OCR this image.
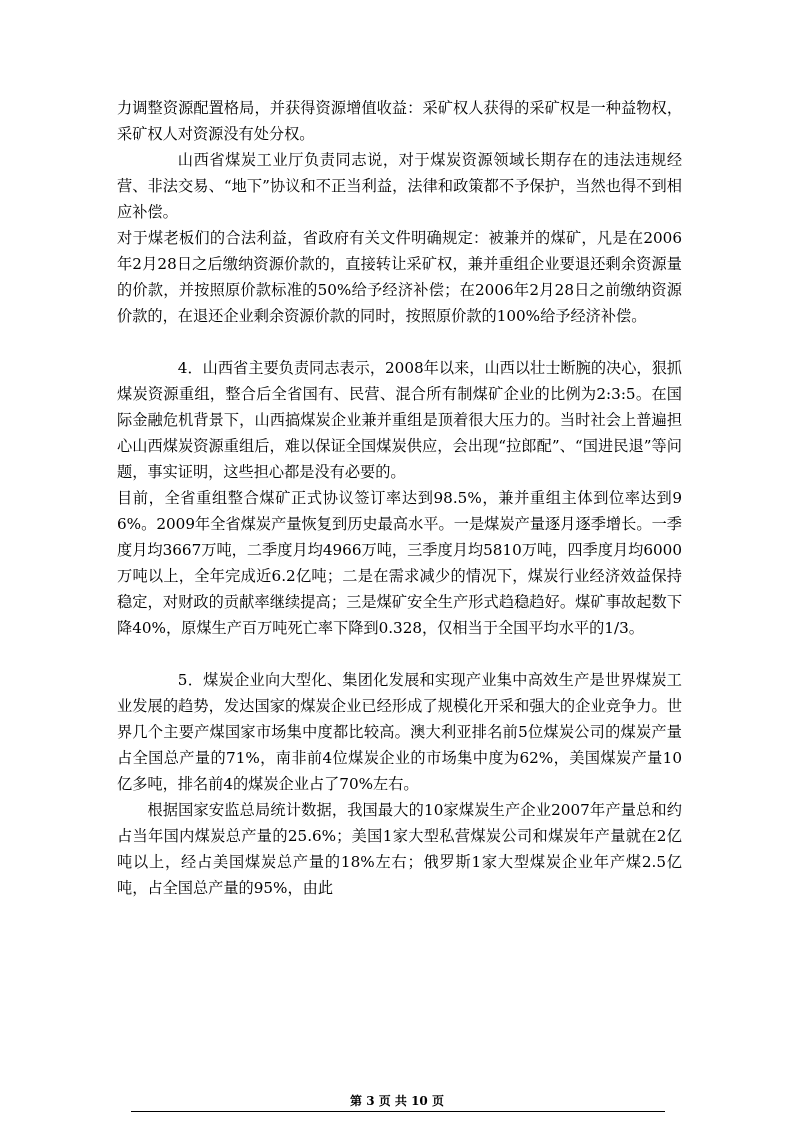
力调整资源配置格局，并获得资源增值收益：采矿权人获得的采矿权是一种益物权，采矿权人对资源没有处分权。

山西省煤炭工业厅负责同志说，对于煤炭资源领域长期存在的违法违规经营、非法交易、“地下”协议和不正当利益，法律和政策都不予保护，当然也得不到相应补偿。

对于煤老板们的合法利益，省政府有关文件明确规定：被兼并的煤矿，凡是在2006年2月28日之后缴纳资源价款的，直接转让采矿权，兼并重组企业要退还剩余资源量的价款，并按照原价款标准的50%给予经济补偿；在2006年2月28日之前缴纳资源价款的，在退还企业剩余资源价款的同时，按照原价款的100%给予经济补偿。

4．山西省主要负责同志表示，2008年以来，山西以壮士断腕的决心，狠抓煤炭资源重组，整合后全省国有、民营、混合所有制煤矿企业的比例为2:3:5。在国际金融危机背景下，山西搞煤炭企业兼并重组是顶着很大压力的。当时社会上普遍担心山西煤炭资源重组后，难以保证全国煤炭供应，会出现“拉郎配”、“国进民退”等问题，事实证明，这些担心都是没有必要的。

目前，全省重组整合煤矿正式协议签订率达到98.5%，兼并重组主体到位率达到96%。2009年全省煤炭产量恢复到历史最高水平。一是煤炭产量逐月逐季增长。一季度月均3667万吨，二季度月均4966万吨，三季度月均5810万吨，四季度月均6000万吨以上，全年完成近6.2亿吨；二是在需求减少的情况下，煤炭行业经济效益保持稳定，对财政的贡献率继续提高；三是煤矿安全生产形式趋稳趋好。煤矿事故起数下降40%，原煤生产百万吨死亡率下降到0.328，仅相当于全国平均水平的1/3。

5．煤炭企业向大型化、集团化发展和实现产业集中高效生产是世界煤炭工业发展的趋势，发达国家的煤炭企业已经形成了规模化开采和强大的企业竞争力。世界几个主要产煤国家市场集中度都比较高。澳大利亚排名前5位煤炭公司的煤炭产量占全国总产量的71%，南非前4位煤炭企业的市场集中度为62%，美国煤炭产量10亿多吨，排名前4的煤炭企业占了70%左右。

根据国家安监总局统计数据，我国最大的10家煤炭生产企业2007年产量总和约占当年国内煤炭总产量的25.6%；美国1家大型私营煤炭公司和煤炭年产量就在2亿吨以上，经占美国煤炭总产量的18%左右；俄罗斯1家大型煤炭企业年产煤2.5亿吨，占全国总产量的95%，由此

第 3 页 共 10 页
